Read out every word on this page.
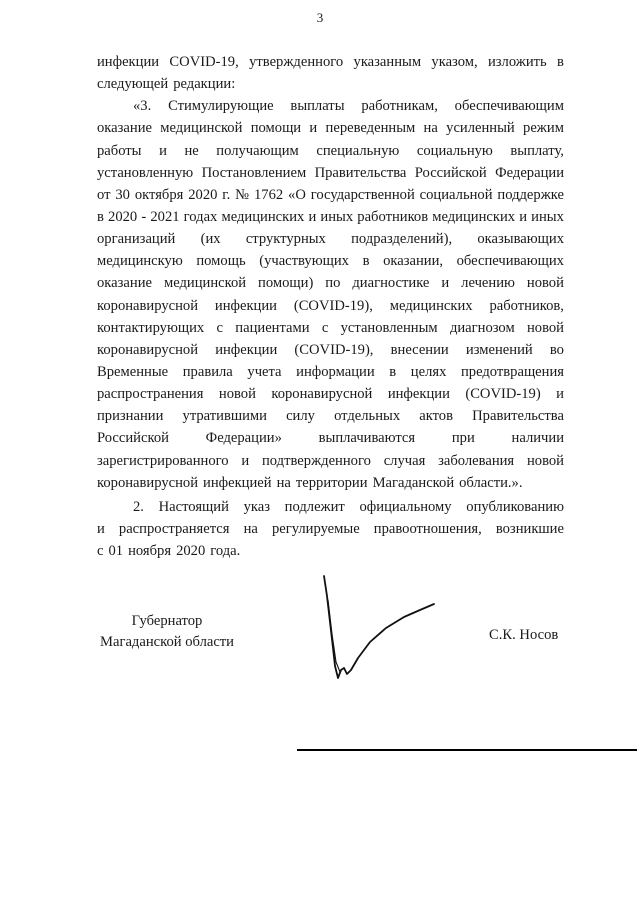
3
инфекции COVID-19, утвержденного указанным указом, изложить в
следующей редакции:
«3. Стимулирующие выплаты работникам, обеспечивающим
оказание медицинской помощи и переведенным на усиленный режим
работы и не получающим специальную социальную выплату,
установленную Постановлением Правительства Российской Федерации
от 30 октября 2020 г. № 1762 «О государственной социальной поддержке
в 2020 - 2021 годах медицинских и иных работников медицинских и иных
организаций (их структурных подразделений), оказывающих
медицинскую помощь (участвующих в оказании, обеспечивающих
оказание медицинской помощи) по диагностике и лечению новой
коронавирусной инфекции (COVID-19), медицинских работников,
контактирующих с пациентами с установленным диагнозом новой
коронавирусной инфекции (COVID-19), внесении изменений во
Временные правила учета информации в целях предотвращения
распространения новой коронавирусной инфекции (COVID-19) и
признании утратившими силу отдельных актов Правительства
Российской	Федерации»	выплачиваются	при	наличии
зарегистрированного и подтвержденного случая заболевания новой
коронавирусной инфекцией на территории Магаданской области.».
2. Настоящий указ подлежит официальному опубликованию
и распространяется на регулируемые правоотношения, возникшие
с 01 ноября 2020 года.
Губернатор
Магаданской области	С.К. Носов
